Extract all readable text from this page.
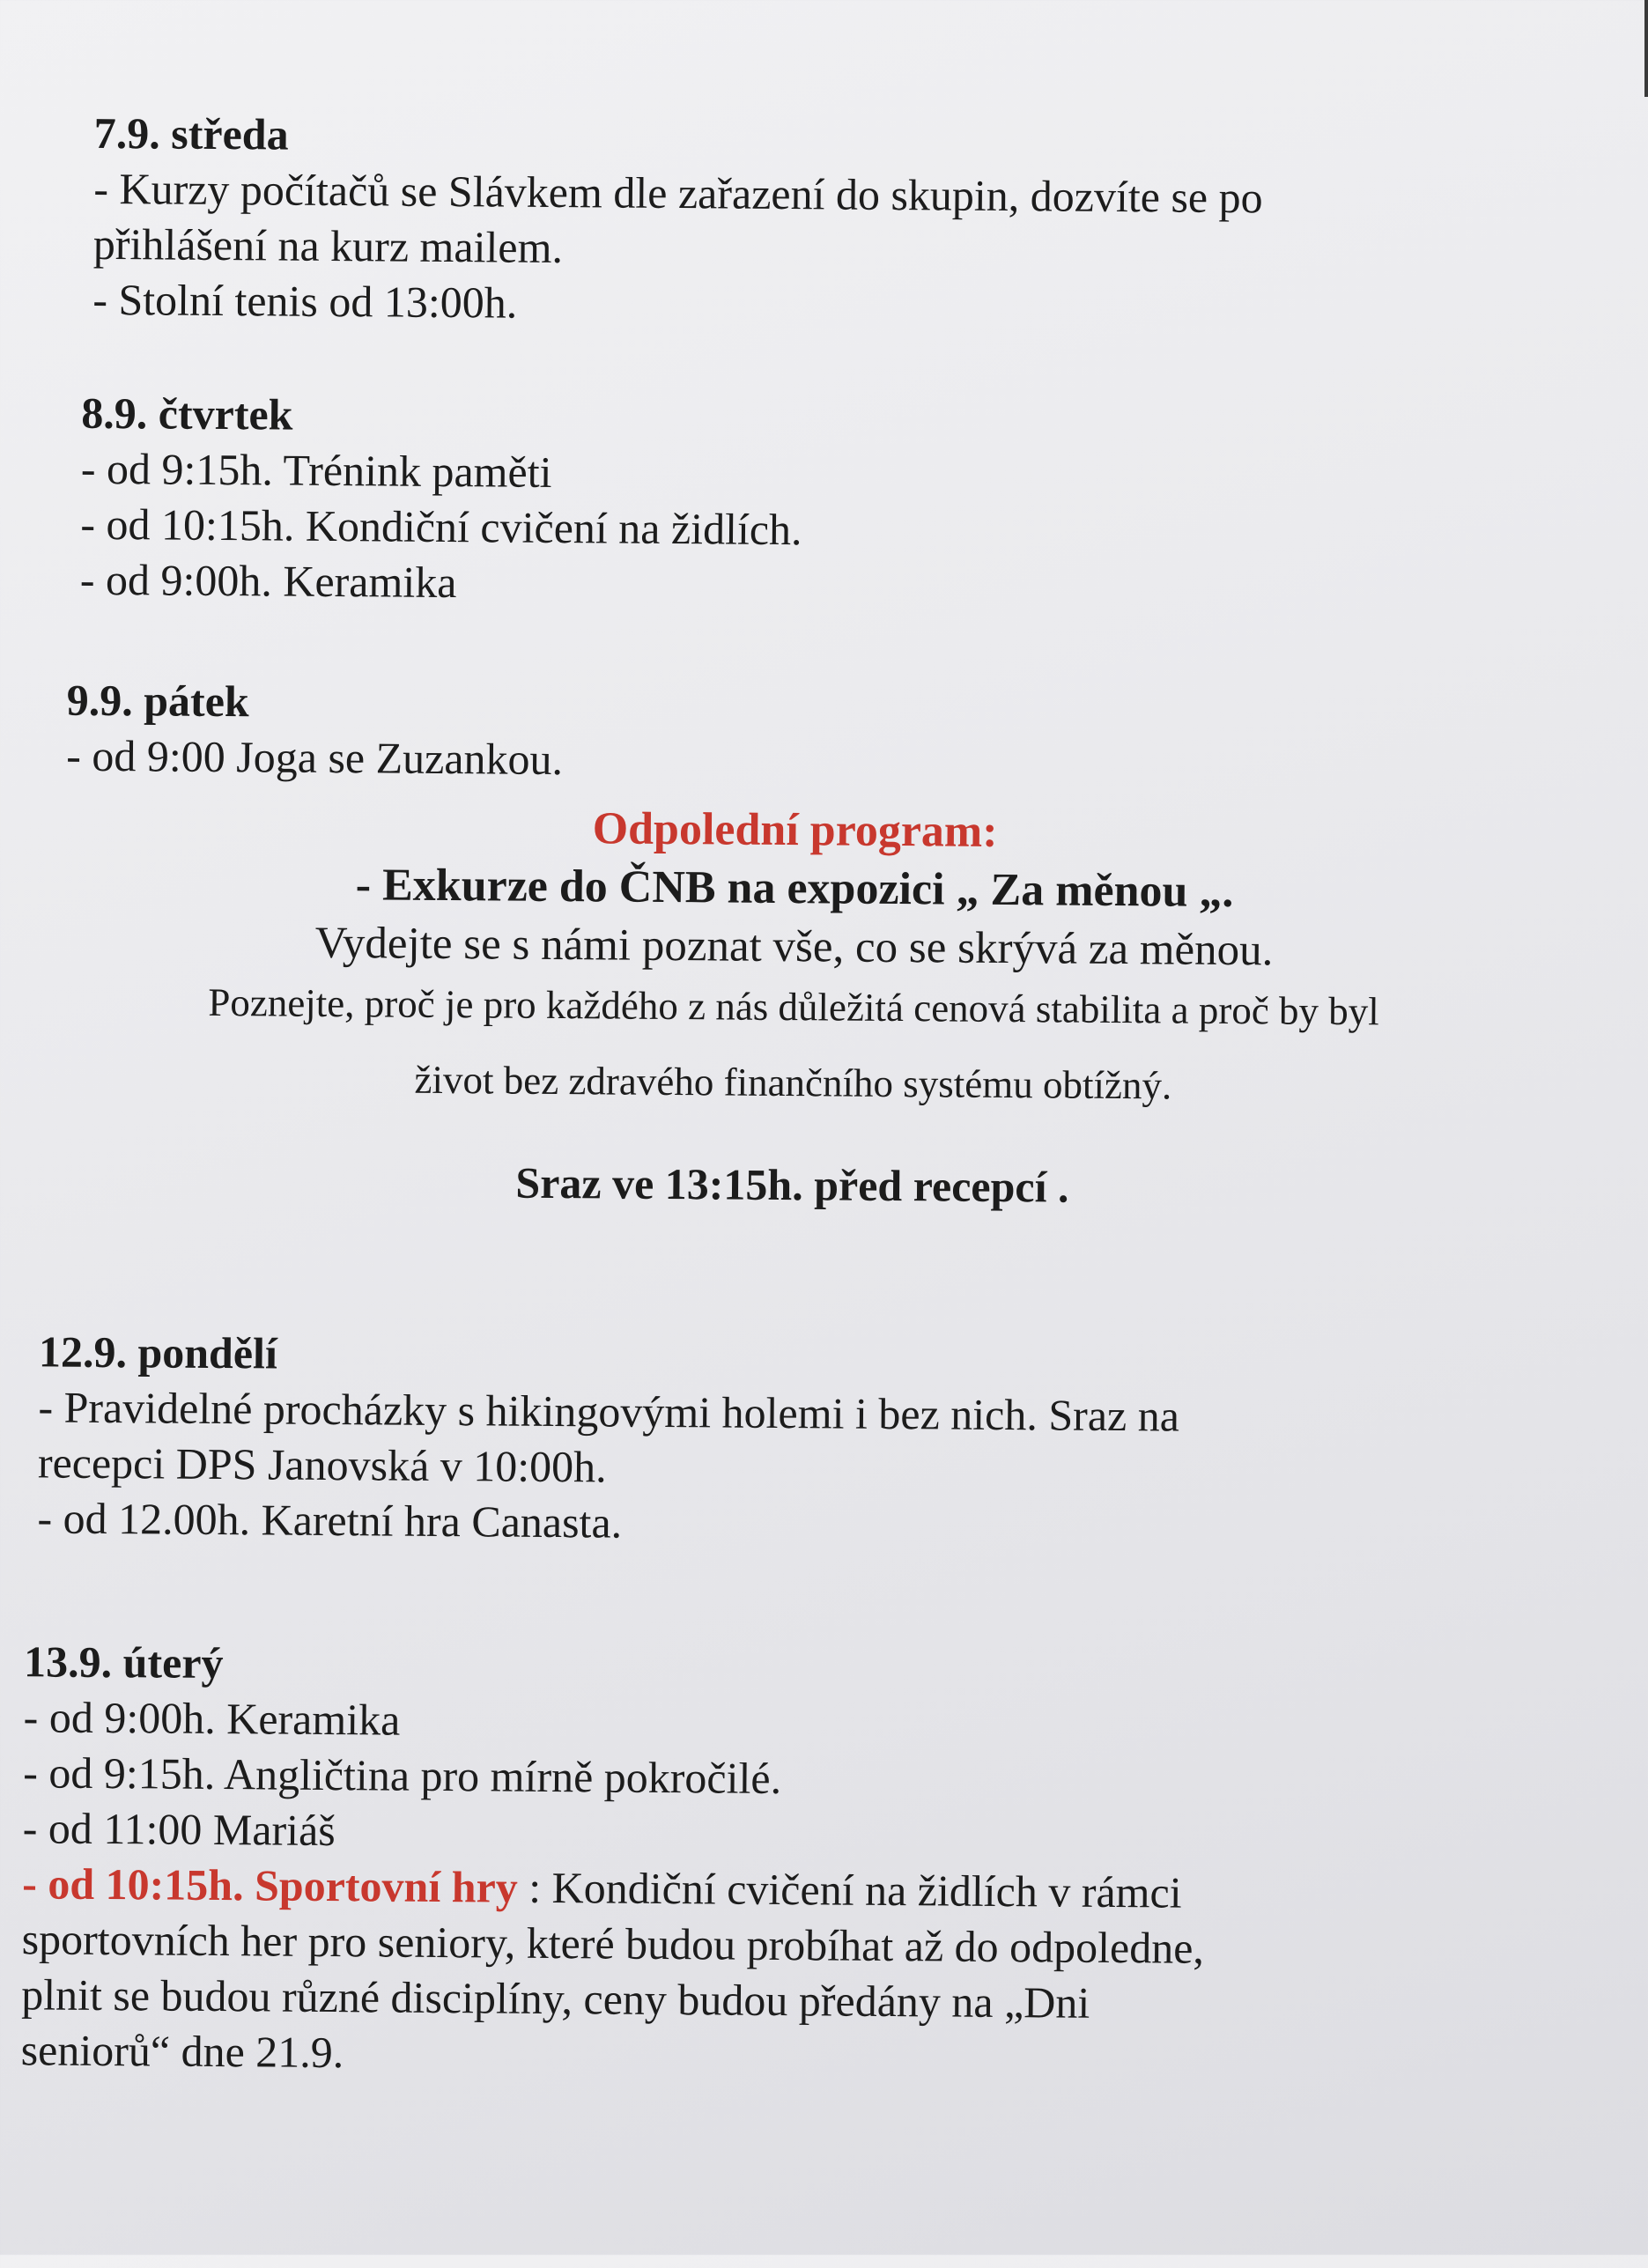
7.9. středa

- Kurzy počítačů se Slávkem dle zařazení do skupin, dozvíte se po

přihlášení na kurz mailem.

- Stolní tenis od 13:00h.

8.9. čtvrtek

- od 9:15h. Trénink paměti

- od 10:15h. Kondiční cvičení na židlích.

- od 9:00h. Keramika

9.9. pátek

- od 9:00 Joga se Zuzankou.

Odpolední program:

- Exkurze do ČNB na expozici „ Za měnou „.

Vydejte se s námi poznat vše, co se skrývá za měnou.

Poznejte, proč je pro každého z nás důležitá cenová stabilita a proč by byl

život bez zdravého finančního systému obtížný.

Sraz ve 13:15h. před recepcí .

12.9. pondělí

- Pravidelné procházky s hikingovými holemi i bez nich. Sraz na

recepci DPS Janovská v 10:00h.

- od 12.00h. Karetní hra Canasta.

13.9. úterý

- od 9:00h. Keramika

- od 9:15h. Angličtina pro mírně pokročilé.

- od 11:00 Mariáš

- od 10:15h. Sportovní hry : Kondiční cvičení na židlích v rámci

sportovních her pro seniory, které budou probíhat až do odpoledne,

plnit se budou různé disciplíny, ceny budou předány na „Dni

seniorů“ dne 21.9.
